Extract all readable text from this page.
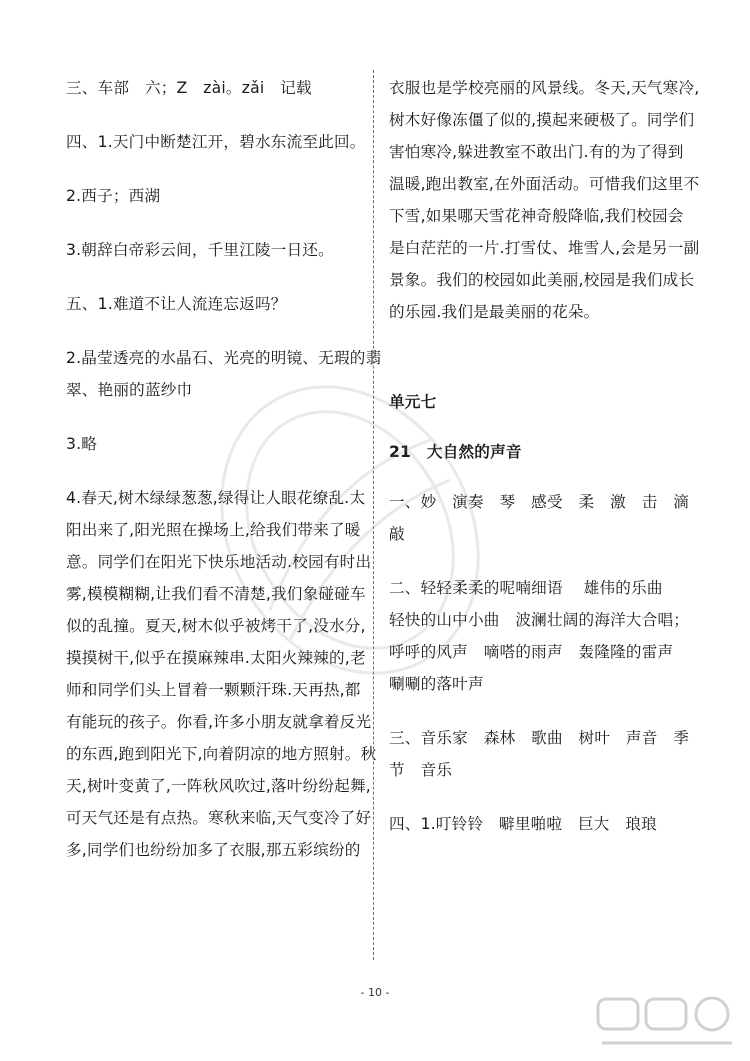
三、车部　六；Z　zài。zǎi　记载
四、1.天门中断楚江开，碧水东流至此回。
2.西子；西湖
3.朝辞白帝彩云间，千里江陵一日还。
五、1.难道不让人流连忘返吗？
2.晶莹透亮的水晶石、光亮的明镜、无瑕的翡
翠、艳丽的蓝纱巾
3.略
4.春天,树木绿绿葱葱,绿得让人眼花缭乱.太
阳出来了,阳光照在操场上,给我们带来了暖
意。同学们在阳光下快乐地活动.校园有时出
雾,模模糊糊,让我们看不清楚,我们象碰碰车
似的乱撞。夏天,树木似乎被烤干了,没水分,
摸摸树干,似乎在摸麻辣串.太阳火辣辣的,老
师和同学们头上冒着一颗颗汗珠.天再热,都
有能玩的孩子。你看,许多小朋友就拿着反光
的东西,跑到阳光下,向着阴凉的地方照射。秋
天,树叶变黄了,一阵秋风吹过,落叶纷纷起舞,
可天气还是有点热。寒秋来临,天气变冷了好
多,同学们也纷纷加多了衣服,那五彩缤纷的
衣服也是学校亮丽的风景线。冬天,天气寒冷,
树木好像冻僵了似的,摸起来硬极了。同学们
害怕寒冷,躲进教室不敢出门.有的为了得到
温暖,跑出教室,在外面活动。可惜我们这里不
下雪,如果哪天雪花神奇般降临,我们校园会
是白茫茫的一片.打雪仗、堆雪人,会是另一副
景象。我们的校园如此美丽,校园是我们成长
的乐园.我们是最美丽的花朵。
单元七
21　大自然的声音
一、妙　演奏　琴　感受　柔　激　击　滴
敲
二、轻轻柔柔的呢喃细语　 雄伟的乐曲
轻快的山中小曲　波澜壮阔的海洋大合唱；
呼呼的风声　嘀嗒的雨声　轰隆隆的雷声
唰唰的落叶声
三、音乐家　森林　歌曲　树叶　声音　季
节　音乐
四、1.叮铃铃　噼里啪啦　巨大　琅琅
- 10 -
